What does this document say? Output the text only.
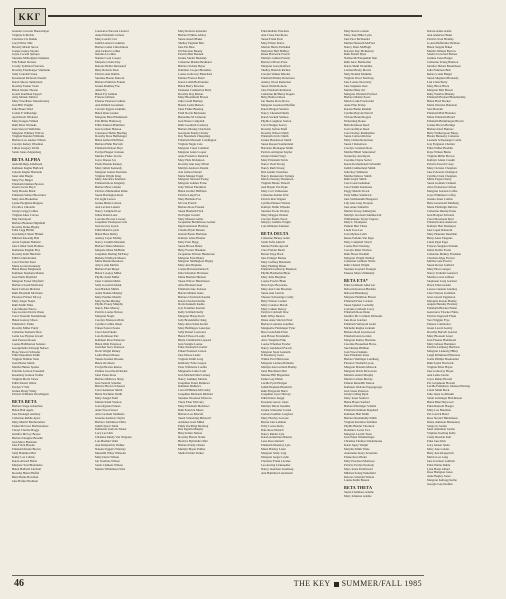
KKΓ
Jeanette Crowner Buescumyer
Virginia Schlichte
Charlotte Cis Dudek
Caryl Elliot Sills
Beverly Marsh Stroot
Joanne Gaupp Snyder
Gayle Corwin Spiropu
Suzanne McKeighen Stephens
Ella Fahnel Stevens
Crosby Symmonf Stevens
Dorothy Elsenbarger Sturmann
Sally Crandall Stone
Rosemond Richards Steadle
Karen Shows Sutherland
Dorothy Tanner Swan
Helen Wende Thorne
Gonda Kaufman Tippett
Amy Jelinek Tolliver
Mary Woodbine Vanesbeventy
Jean Hill Vaughn
Julia Bauer Ward
Jordan E Wallerdige
April Knob Whaland
Mary Kangas Whited
Ruth Ellen Warneks
Juan Stewart Wellchins
Margaret Whitney Wilcox
Virginia Shelden Williams
Barbara Lee Anders Wilson
Carolyn Kelsey Wiseman
Lillian Gregory Wolfe
Sarah Jones Zeigenberg
BETA ALPHA
Anna Ridings Aldelhoek
Kathleen Kugler Burbach
Celeste Kugler Bierstein
Janet Ahn Biegle
Mary Fay Biegel
Elizabeth Ostman Bowers
Jessica Gotta Boyd
Sally Brooke Bradt
Elizabeth Seltzer Brownlow
Mary Ann Brokeman
Lynne Hodgman Burgess
Eva Rice Chiotelis
Gladys Grigg Collins
Virginia Allee Craven
May Devenport
Barbara Brennan Highfield
Dorothy Drake Higley
Edna Legg Hiltlin
Gwendolyn Stuart Hinkel
Mildred Knoedig Holl
Avola Topham Holland
Jane Lillian Stein Holmes
Katherine English Hoy
Dorothy Roth Hutchins
Edith Cullen Kanter
Carol Sinclair Kent
Marie Gorton Kennedy
Helen Besse Maginness
Kathleen Stephens Manns
Jean Wells Mayfield
Margaret Foster Mayfield
Barbara Cleath Mcelvany
Reed Caritass Mcintire
Ruth Elizabeth Mcilwain
Florence Flicker Mccoy
Mary Jaeger Nagle
Ruth Smith Niles
Lola Meeder Nuevo
Jane Gordon Norris Olson
Carol Truesdle Nordelmann
Helen Ganvey Olson
Elizabeth C Palka
Dorothy Miller Purdy
Catherine Steinertz Rice
Lettie Lee Haynes Jewell
Ann Pearson Rosen
Louise Halliburton Sanders
Georgiebelle Schloegl Nelson
Hope Stewart Schrader
Ethel Nepomnai Smith
Virginia Walther Staat
Joan Hartse Smith
Martha Hunter Sparks
Priscilla Leviton Truesdell
Rosemary Gunton Tedder
Virginia Mortz Vance
Edith Slauter Weber
Evelyn V Wix
Jeanne Brady Wiley
Patricia Williams Woodington
BETA BETA
Barbara Stege Ackerman
Helen Hall Apple
Jane Drenagel Ashbury
Catherine Riddle Ayers
Mary Merritt Bartholomew
Esther McCraw Bartholomew
Cheryl Chevitz Boggs
Jennifer McCoy Boone
Barbara Douglas Bevelin
Jean Mace Brantzen
Jane Freck Brooks
Elizabeth Kuntz Brown
Sally Hamilton Bul
Kathy Lou Collins
Karen Alward Black
Marjorie Yost Blanchette
Helen Hatfield Lindvall
Dorothy Hertel Huffel
Bette Burns Bowman
Jane Hafner Bremner
Constance Paracek Carsrud
Anne Elizabeth Carlson
Mary Leucht Carr
Judith Lennon Cashman
Barbara Gmel Churchmore
Ann Jackson Collins
Natalie A Collins
Nanine Cook Cooper
Marjorie Cristie Day
Delores Heller Dernedorf
Betty Roberts Doss
Patricia Ann Dublin
Suzanne Boone Duncan
Barbara Embrick Fennie
Jeanne Dumbey Fee
Allen Fry
Helen Fry Gilman
Frances Gilman
Eleanor Peterson Grimes
Ann Kimiell Grossman
Carolyn Eggers Grumms
Helen Dene Gunter
Margaret Baird Hammond
Ella Miller Hathaway
Edith Johnson Hamilton
Jean Gardner Hanson
Constance Heller Harding
Dorothy Doss Heffleinger
Helen Gilbert Hoffman
Barbara Hahn Horvath
Elizabeth Nelson Hoyt
Evelyn Hopper Jackson
Maxine Fisher Jacobs
Joyce Dresas Joy
Paula Sheriek Kenney
Mary Gillett Kennedy
Margaret Garner Keohane
Virginia Wright King
Mary Jane Rice Kleiman
Elizabeth Ross Kingsley
Barbara Brisco Klein
Patricia Zimmerman Kline
Susan Harrington Knie
Pat Light Larson
Jeanne Huber Lebrun
Ann Levitan Leinart
Nancy Campbell Lee
Julian Daum Lenz
Lorraine Hoover Lowrey
Josephine Thompson Lutz
Jean Gracey Lynch
Edith Martin Lynch
Helen Hess Mabry
Audrey Loyer Malley
Nancy Conklin Marsden
Barbara Weiss Mathews
Marjorie Muse McBride
Josephine Darling McElroy
Bellette Whitlock Mason
Marie Bezek Meadows
Arlyce Ann Melvin
Barbara Paul Meyer
Helen Lovejoy Miller
Phyllis Zedet Miller
Janet Cottman Mahn
Sally Goodwin Monk
Jean Bartlett Mullis
Adele Nadele Murphy
Mary Pauline Morrill
Mary Kothe Murphy
Phyllis Prouty Murphy
Nancy Eller Murray
Patricia Louise Nelson
Margaret Nogle
Carolyn Emerson Obitz
Cynthia Collins Olsen
Eileen Eaton Owens
Carol Ann Pakula
Lois Robinson Parr
Kathleen Ross Patterson
Helen Ohm Patterson
Gretchen Sevy Peterson
Doris Wright Ramey
Leslie Barrett Reese
Valerie Kessler Rhodes
Helen Ota Reed
Evelyn Bracks Resios
Pauline Groomwell Ricket
Janet Peters Ross
Barbara Mellows Sharp
Jean Seabolt Scheller
Bernice Brown Scheerer
Carol Anderson Smith
Bettie Nachtine Smith
Mary Zeugel Stahl
Marian Kiehl Stanton
Joan Orgisand Stuart
Anne Wood Sweet
Alice Graham Summers
Jeanette Andrews Taylor
Barbara Tomlinson Tibbs
Judith Tyson Tobin
Katherine Garlock Turner
Lucy Lee Ulm
Christine Mealy Van Wagoner
Lois Buehler Wahl
Ann Kirkpatrick Walker
Nanette Eggerts Wherley
Meredith Wiley Winzeler
Mary Dawn Wilson
Jan Voerhies Wilson
Sarah Clemens Wilson
Marian Williamson Wirz
Mary Roberts Aplander
Barbara Filkins Adsley
Susan Arnold Baker
Shelley England Barr
Jane Pai Bass
Jill Peterson Beauty
Patricia Bell Bennett
Jeanne Snider Berkeley
Catherine Markin Berkland
Barbara Sickels Beyer
Kathleen Cooper Blackmer
Louise Galloway Blanchard
Marian Frances Bond
Karen Lindh Boliviander
Helen Berry Bowden
Paulaann Cammerick Bach
Dorothy Day Bolton
Mary Bloemfield Brown
Julie Gould Bumsey
Bonita Leslie Burton
Janet Fisher Bussing
Faith Norris Buchanan
Bernadine M Cameron
Jean Nuner Campbell
Ruth Goodrum Casburry
Barbara Mosley Chadwick
Georgette Feurig Christy
Kay Nantahals Clingaldeg
Elizabeth Maxwell Coddington
Virginia Nagle Cole
Margaret Creed Coleman
Margaret Gunn Cooper
Anne Frederica Dentrick
Mary Hale Dickinson
Dorothy Ann Arey Elliott
Marilyn Andrews Dustin
Ada Gibson Durant
Maria Manger Engel
Margaret Steward Ewing
Margaret Gaither Farne
Judy Wilson Fitzsimon
Helen Girdler Haffman
Patricia Luigi Fox
Mary Burhans Fox
M Cole French
Barbara Rose Frenzel
Susan Huebeth Fuck
Jin Engler Garrett
Mary Masson Geller
Jacqueline Brammrose Gomez
Ingrid Antrason Hasbury
Claudia Hyde Hansen
Glenda Byrne Harbison
Kathryn Glass Hessler
Mary Fern Hogg
Susan Brown Heinz
Betty Forster Huaukus
Jacqueline Sillwan Hendersen
Margaret Fern Heney
Margaret Shillingloss Higley
Mary Ann Hopkins
Louise Boivanscheinrich
Irma Schreiber Hoviness
Maria Berman Hudson
Susan Wilcox Hutchinson
Alice Brennan Issel
Elizabeth Jane Jackson
Harriet Minnis Jeane
Barbara Chadwick Kaedel
Karen Chodred Keifer
Doris Kenneth Kealle
Gay Trautmer Keeslar
Kelly Schmidt Kelly
Margaret Hayes Kern
Judy Brandsleffer King
Mary Alice Klein Krafel
Mary Buffingon Lanerque
Sally Robert Lawrence
Helen Ellwood Leahy
Bettie Chamberlin Lepeard
Jean Stangle Louise
Ellen Toneneld Lavelier
Eileen Frensted Larson
Jane Moore Leslie
Virginia Smith Long
Kimberly Foltz Lupton
Peter Wittmaire Loeffer
Marguerite Luhra Lum
Jean Mitchell MacCartney
Nancy Gumkey Mackie
Josephine Yoker Mathews
Kathleen Mathews
Carroll Hillman McCarthy
Josephine Michaels Midstad
Susanne Woodson McGraw
Thora Fleer McCarty
Mary Elizabeth Meddows
Ruth Fenwick Meers
Barbara Lee Metcalf
Susan Schoening Milewell
Adrienne Gard Miller
Emily Kwilling Merberg
Rita Ingram Murphy
Betty Kidan Nelson
Dorothy Barren Noble
Beatrice Bymaidle Oiler
Barbara Purdy Orlean
Marilyn Bryan Palmer
Sheila Pickler Parker
Ellen Reilder Pauchars
Ann Crane Pazchiona
Susan Frank Peck
Mary Elliott Peirce
Marion Harris Perlsahel
Maryelou Hall Phillips
Diane Hartwick Powell
Marilyn Grimes Preutta
Barbara Olivers Price
Margaret Gaon Radford
Shelley Dietrick Richter
Carolyn Walker Rhodes
Elizabeth Heiley Robertson
Audrey Wood Reinecker
Susan Welsh Roberts
Jane Elizabeth Robinson
Catherine McHenry Rogers
Betty Banford Rose
Jan Skerke Rove Rowe
Margaret Greenwell Ruffier
Karen Hergott Sanders
Nancy Chesebell Rulis
Karen Sockell Salmon
Phyllis Loughton Saxton
Carol Hodges Searcy
Dorothy Sefton Sheff
Dorothy Wilson Smith
Elizabeth Jarvis Smith
Jeanne Henderson Smith
Susan Reopet Southerland
Harriette Montague Smith
Patricia Arrington Snyder
Gladys Daniel Stagi
Mary Elizabeth Strick
Nance Vietz Strong
Nancy Ruth Strong
Rita Adams Svendsen
Nancy Ronnerstan Twinigs
Marcia Newsig Thompson
Virginia Hanna Tidwell
Ann Hayek Van Dyke
Mary Carr Vanhousen
Catherine Kohler Watt
Patricia Rae Wagner
Cynthia Henson Wilson
Kathryn Smith Wheeler
Suzanne Poole Wooley
Mary Maggee Wenzel
Carolyn Prema Wood
Marjory Gamble Wright
Lois Ohmann Zahniser
BETA DELTA
Catherine Hickey Adair
Sarah Tufts Amirch
Marian Farille Ayroult
Clara Fielder Bachi
Bessie Tripp Back
Jane Ettinger Barnes
Mary Gaffney Bernstein
Mary Halding Bauer
Elizabeth Gallaway Baudean
Phyllis Barthemis Blyer
Mary Julia Bergman
Louise Fowler Blain
Nina Sayre Borowine
Mary Ann Cain Bowman
Susan Ann Carrick
Theresa Schwenige Caddy
Betty Wilson Coulter
Mary Candace Marsh
Mary Camen Dewey
Patricia Caldwell Dow
Ruth Wiley Deaton
Diane Anne Sinclair Ertel
Barbara Lemoine Gauthier
Marguerite Fehlsinger Tyler
Bess Godschalk Elam
Ann Haven Ferrandelle
Alice Tangman Fink
Louise Wheldon Fowler
Nancy Geldshead Forsch
Margaret Stout Gennath
D Roseberry Geist
Wilma Ford Halverson
Margaret Larmon Hamden
Marilyn Ann Gotland Hadley
Janet Blackburn Hart
Marilee Hill Hagerman
Esther Gay Hulen
Lucille Pyatt Hobgen
Judith Hopkins Hundrich
Ruth Fitzgerald Hurst
Josephine Joyce Heavey
Edith Kister Jaeggi
Roxanne Gerow Jones
Marilyn Duvel Jasantha
Jeanne Schroeder Jordan
Carlena Gamble Langford
Mary Hawley Lecrone
Bernie Jane Lehman
Polly Loewe Retty
Dale Rose Helrich
Nancy Rinder Lyle
Karen Ackerman Manion
Lena Ross Darnell
Elizabeth Moderay Lyle
Marie Hartley Lentz
Margaret Setby Laig
Margaret Jaeger Leslie
Charlotte Frank Lavalee
Lea Ancing Lickeneider
Nancy Jaenchen Lundberg
Ann Hamilton Lundstrom
Mary Read Lorraine
Mary Jane Hiller Lynn
Jane Pace McDonald
Marlan Hosteath McFred
Nancy Dotts McHugh
Karolyn Kay McInerney
Ruth Donell Myer
Nadine McFauquehah Neir
Ruth Isaac Bamwaller
Karen Shaki Wouddine
Carmen Brady Morris
Mary Reiniel Mankins
Virginia Wood Northrop
Jane Louise Nowviery
Jane Stephens Oest
Martha Hiley Orr
Margaret Wersbelt Paxford
Barbara Martin Poole
Marcia Luke Pawlowski
Anne Finn Pertap
Kareen Burke Randell
Cynthia Bayvah Ferrell
Viviane Brand Rogers
M Kerning Rouse
Beth Robinson Reed
Joan Grafmyer Reed
Carol Kolley Reinheimer
Susan Carlson Richter
Mary Cillian Robertson
Susan J Robertson
Carolyn Coleman Ross
Martha Hibell Sahrendorf
Tonnerfoy Ann Ryals
Caroline Chyne Sevier
Karen Kochenbaum Schramm
Judith Cumberland Smith
Julia Roy Simmons
Martha Dabrow Smith
Ruth Lugrit Smith
Carol Gaul Gehelkon
Carol Smith Stenhouse
Peggy Metzle Stoval
Patty Miller Steinbach
Jane Stablerenkh Hougaard
Lily Ann Lang Strayton
Jane Anne Sumerlin
Marian Stroop Sumergren
Marilyn Jacobsen Summerwid
Williamanne Taylor Tappaw
Mary L Thompson
Pamela Hart Thure
Linda Tore Lee
Joan Mylnes Leith
Renee Perkins Van Epps
Mary Campbell Vencil
Louise Hart Wackley
Carolyn Rider Wallace
Ruth Hoase Waddell
Margaret Wright Webber
Catherine Cuthbert Wolfe
Ruth Chantal Wright
Suzanne Gaylord Younger
Eleanor Marrs Zimmerly
BETA ETA*
Ellen Goldstein Alderwer
Deborah Kearson Berman
Deborah Bluenberg
Marjorie Hamilton Brown
Elizabeth Feter Carlson
Susan Spiehel Coobaldy
Lorraine Caldwell Corry
Elizabeth Rose Dunn
Jennifer Mc Cormick Edmonds
Jane Ross Gardner
Elizabeth Vertuyom Grant
Michelle Regina Graham
Barbara Reid Greenwood
Elizabeth Ann Gordon
Margaret Keiley Hawkins
Caroline Houseman Howe
Sue Dunlap Hillman
Joan Wood Jenkins
Jane Elizabeth Jones
Barbara Wellinger Lundberg
Florence Waddell Lyons
Margaret Hawkin Mattock
Margaret Davis McGowen
Marietta Arnett Murphy
Marian Carlsen Murray
Pamela Meredith Nelson
Kathleen Welcote Pappageorge
Jean Stone Peterson
Gladys Giling Ryan
Mary Jones Sanford
Helen Hayes Sanford
Barbara Harringer Schultz
Elizabeth Jumbok Shephard
Kathleen Hall Smith
Barbara Ruttelkamp Smith
Virginia Kuvinias Stebbins
Phyllis Bielder Thornton
Dominica Lewis Tice
Margaret Leavitt Trout
Jean Waite Wunderlinger
Christine Thomas Vanderhouse
Karin Jupey Wright
Marylin Smith Wade
Antoinette Avery Severides
Elaine Ross Huder
Mary Pawlston Morrison
Patricia Evelyn Peabody
Myra Jones Perzfrinoid
Mildred Soleig Wakefield
Delores Schaidel Wilson
Louise Kuhn Baaren
BETA THETA
Susan Chambers Adams
Mary Johnston Adams
Darren Adele Adam
Ann Anderson Bates
Patricia Scott Bradley
Jo Ann Huffstutler Bebbeu
Helen Sargent Baker
Martha Willetts Barrow
Sandra Crawford Barnes
Jeanine Jones Barger
Catherine Young Bamson
Jennifer Hobart Berembeau
Julia Fullerton Bell
Rebecca Ann Biegel
Susan Shepherd Bernardy
Lisa Clark Berry
Mary Biron Black
Margaret Bell Brown
Ruby Westbro Blakely
Elizabeth Hackett Blanchership
Helen Hard Bocker
Marie Warrabe Bohanon
Sara Bozrath
Elizabeth Ball Brandon
Marie Elizabeth Brand
Elizabeth Brinkburgen Brown
Joanne Brown Burdige
Barbara Dorf Burruss
Betty Witherspoon Burgo
Hester Bernesby Cameron
Laurelle Schweneger Castle
Gay Ferguson Chartier
Ellen Wilber Braddia
Kaye Wilson Burns
Virginia Miller Brown
Kathryn Glenn Cassim
Patricia Powell Casey
Mary Clevens Chapman
Jane Edwards Champion
Cynthia Clark Chapman
Marie Fagan Cherry
Susan Graham Clement
Alice Pratterson Clifton
Margaret Gersten Coffee
Gaye Wilkinson Coffey
Juanita Jones Collins
Bette Greenwall Dahlberg
Marie Fitzburgh Dubrow
Catherine Dunlap Enser
Jean Holgate Edwards
Carol Moorhead Deal
Elizabeth Ann Anderson
Kathryn Hart Diemeyer
Jane Jogan Daberem
Mary Heneske Dewitkin
Betsy Anne Elegante
Linda Egan Epps
Frances Sangster Eubank
Marie Dobbs Farris
Catherine Mulkey Fendeker
Charlotte Kipp Forrest
Martha Gale Fowler
Susan Dorset Gaillard
Mary Hoos Gergan
Nancy Trahelm Gessford
Martha Lewis Gibbert
Stephanie Long Gardner
Dawn Ellen Geisler
Lenore Glennie Gladney
Clara Warren Goldman
Gina Garrett Eggleston
Marquita Rosser Hadley
Angela Hensley Hasbury
Elizabeth Blacker Fisher
Genevieve Thacker Fahre
Patricia Tappwell Flynn
Vera Wiggler Frye
Eleanor Lamberton
Jessie Lacerd Gentry
Dorothy Burvell Gordon
Mary Blossom Grant
Jean Fleener Hammond
Mary Gibson Hannister
Patricia Lamberg Harrison
Margaret Ludewig Hilley
Leigh Richmond Hyberson
Joella Phillips Hoekstetter
Ruth Sayler Hartwick
Virginia Ellen Hayes
Jane Galloway Hayes
Ann Leslie Grube
Joyce Delsie Howell
Pat Colquhoun Howell
Lucille Pumphrey Johnson Herring
Linda Smith Heck
Julie Jeane Goldbaum
Sarah Leitzinger Hutchinson
Helen Blue Haywood
Ellen Ransom Haeger
Mary Lee Hoteman
Pat Cravick Hand
Rose Sterrett Hutchinson
Diane Atkinson Hennessey
Sanga Jo Jordan
Janet Alderman Jordan
Virginia Averling Kelly
Cindy Riordan Kell
Edna Jane Kirk
Gary Jensen Jenda
Mary Jane Landes
Betty Ann Klapperich
Marcia Lee Lang
Jane Garrison Lambert
Ellen Welter Ruble
Lynn Haste Lillard
Rose Hampton Jones
Anne Bagley Jones
Margaret Kellogg Kolbe
Georgia Gay Kielkin
46	THE KEY SUMMER/FALL 1985
